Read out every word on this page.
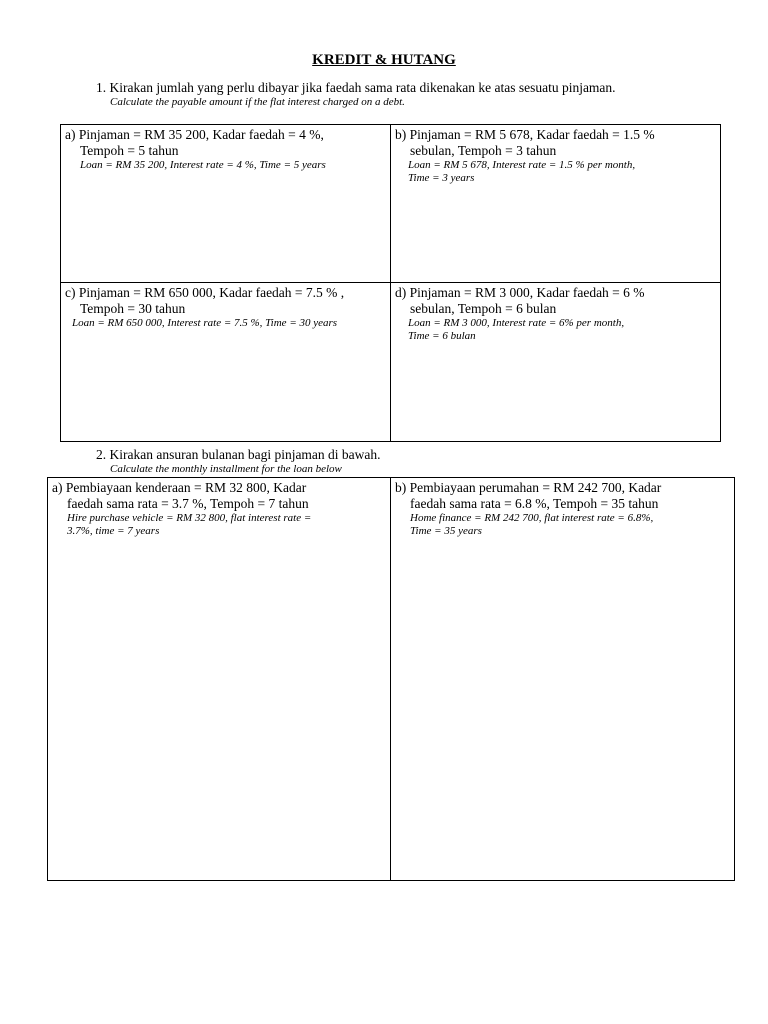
KREDIT & HUTANG
1. Kirakan jumlah yang perlu dibayar jika faedah sama rata dikenakan ke atas sesuatu pinjaman.
Calculate the payable amount if the flat interest charged on a debt.
a) Pinjaman = RM 35 200, Kadar faedah = 4 %,
Tempoh = 5 tahun
Loan = RM 35 200, Interest rate = 4 %, Time = 5 years
b) Pinjaman = RM 5 678, Kadar faedah = 1.5 %
sebulan, Tempoh = 3 tahun
Loan = RM 5 678, Interest rate = 1.5 % per month,
Time = 3 years
c) Pinjaman = RM 650 000, Kadar faedah = 7.5 % ,
Tempoh = 30 tahun
Loan = RM 650 000, Interest rate = 7.5 %, Time = 30 years
d) Pinjaman = RM 3 000, Kadar faedah = 6 %
sebulan, Tempoh = 6 bulan
Loan = RM 3 000, Interest rate = 6% per month,
Time = 6 bulan
2. Kirakan ansuran bulanan bagi pinjaman di bawah.
Calculate the monthly installment for the loan below
a) Pembiayaan kenderaan = RM 32 800, Kadar
faedah sama rata = 3.7 %, Tempoh = 7 tahun
Hire purchase vehicle = RM 32 800, flat interest rate =
3.7%, time = 7 years
b) Pembiayaan perumahan = RM 242 700, Kadar
faedah sama rata = 6.8 %, Tempoh = 35 tahun
Home finance = RM 242 700, flat interest rate = 6.8%,
Time = 35 years
